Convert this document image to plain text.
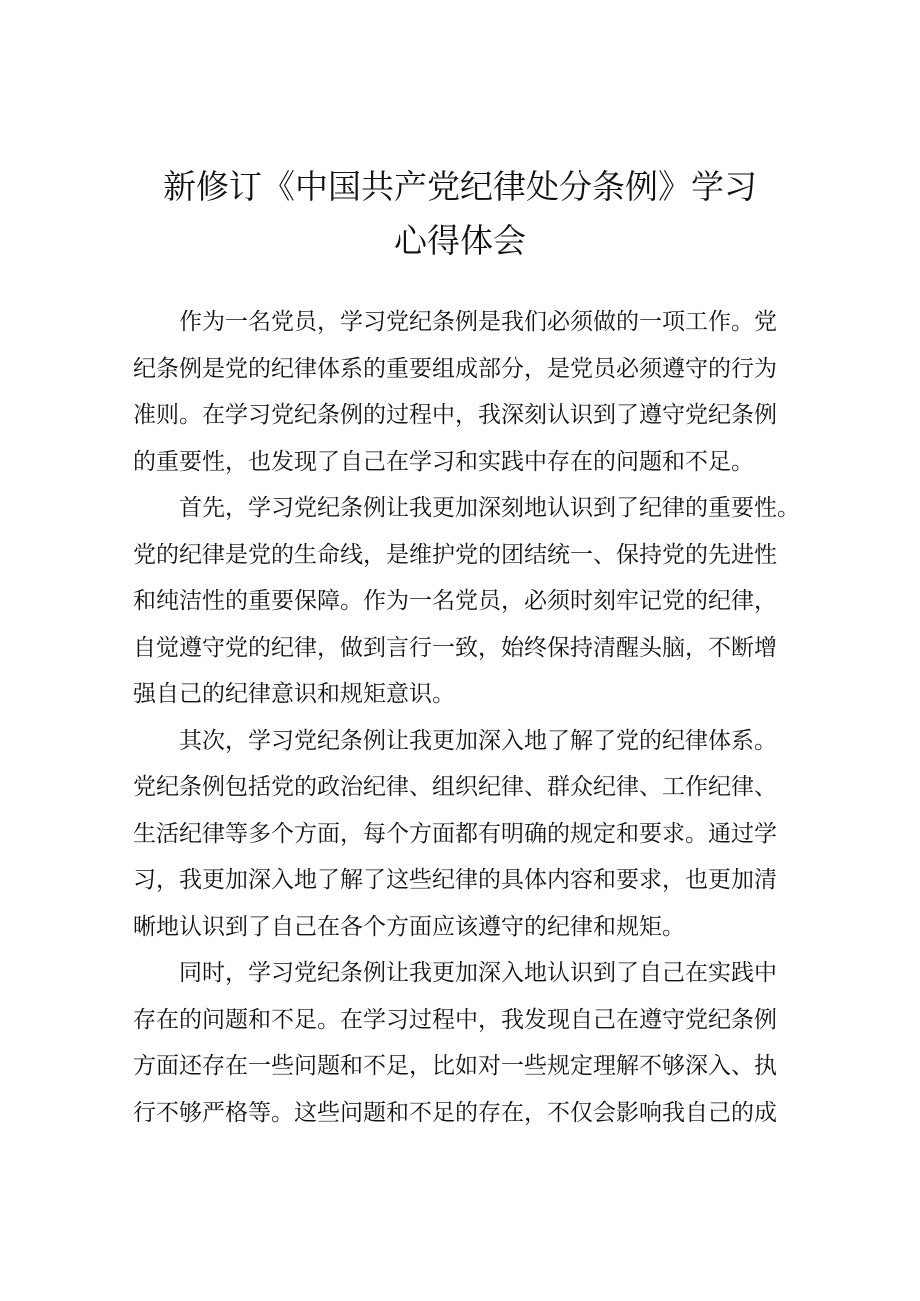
新修订《中国共产党纪律处分条例》学习
心得体会
作为一名党员，学习党纪条例是我们必须做的一项工作。党
纪条例是党的纪律体系的重要组成部分，是党员必须遵守的行为
准则。在学习党纪条例的过程中，我深刻认识到了遵守党纪条例
的重要性，也发现了自己在学习和实践中存在的问题和不足。
首先，学习党纪条例让我更加深刻地认识到了纪律的重要性。
党的纪律是党的生命线，是维护党的团结统一、保持党的先进性
和纯洁性的重要保障。作为一名党员，必须时刻牢记党的纪律，
自觉遵守党的纪律，做到言行一致，始终保持清醒头脑，不断增
强自己的纪律意识和规矩意识。
其次，学习党纪条例让我更加深入地了解了党的纪律体系。
党纪条例包括党的政治纪律、组织纪律、群众纪律、工作纪律、
生活纪律等多个方面，每个方面都有明确的规定和要求。通过学
习，我更加深入地了解了这些纪律的具体内容和要求，也更加清
晰地认识到了自己在各个方面应该遵守的纪律和规矩。
同时，学习党纪条例让我更加深入地认识到了自己在实践中
存在的问题和不足。在学习过程中，我发现自己在遵守党纪条例
方面还存在一些问题和不足，比如对一些规定理解不够深入、执
行不够严格等。这些问题和不足的存在，不仅会影响我自己的成
